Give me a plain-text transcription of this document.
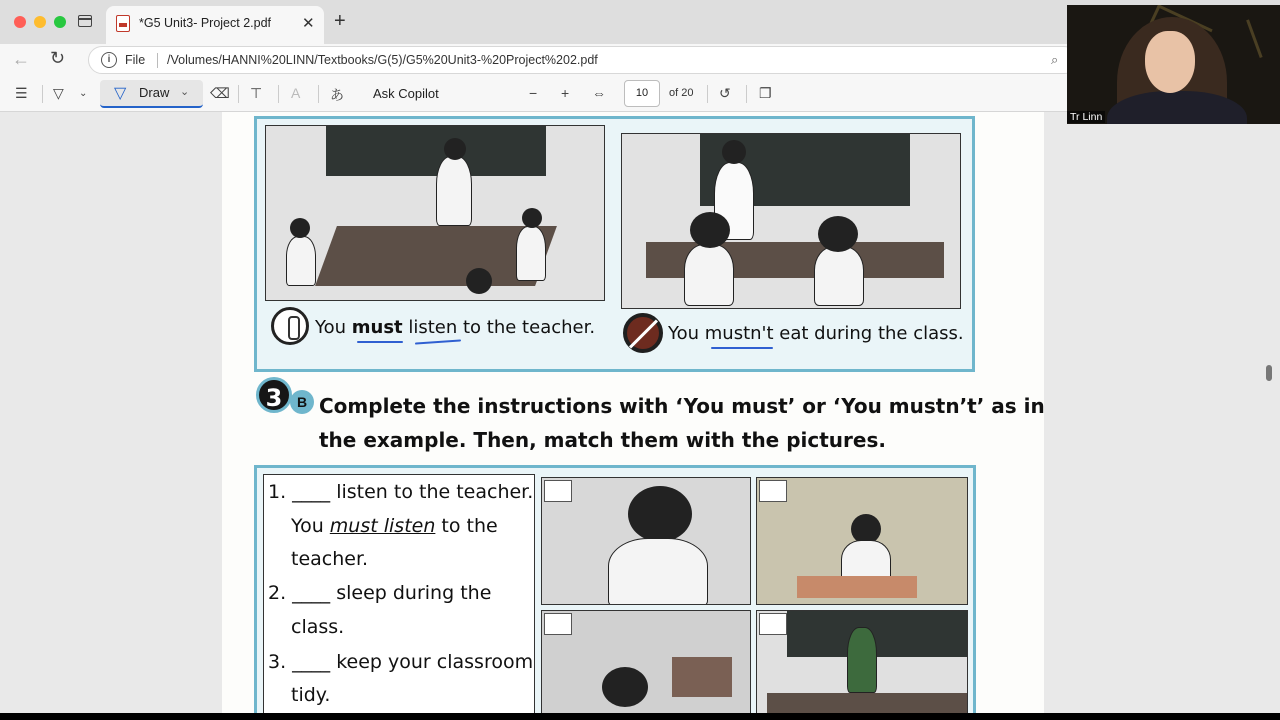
*G5 Unit3- Project 2.pdf ✕ +
← ↻	i	File /Volumes/HANNI%20LINN/Textbooks/G(5)/G5%20Unit3-%20Project%202.pdf	⌕
☰ ▽ ⌄ ▽ Draw ⌄ ⌫ ⊤ A あ Ask Copilot	− + ⇔	10	of 20 ↺ ❐
You must listen to the teacher.	You mustn't eat during the class.
3	B Complete the instructions with ‘You must’ or ‘You mustn’t’ as in
the example. Then, match them with the pictures.
1. ____ listen to the teacher.
You must listen to the
teacher.
2. ____ sleep during the
class.
3. ____ keep your classroom
tidy.
Tr Linn
